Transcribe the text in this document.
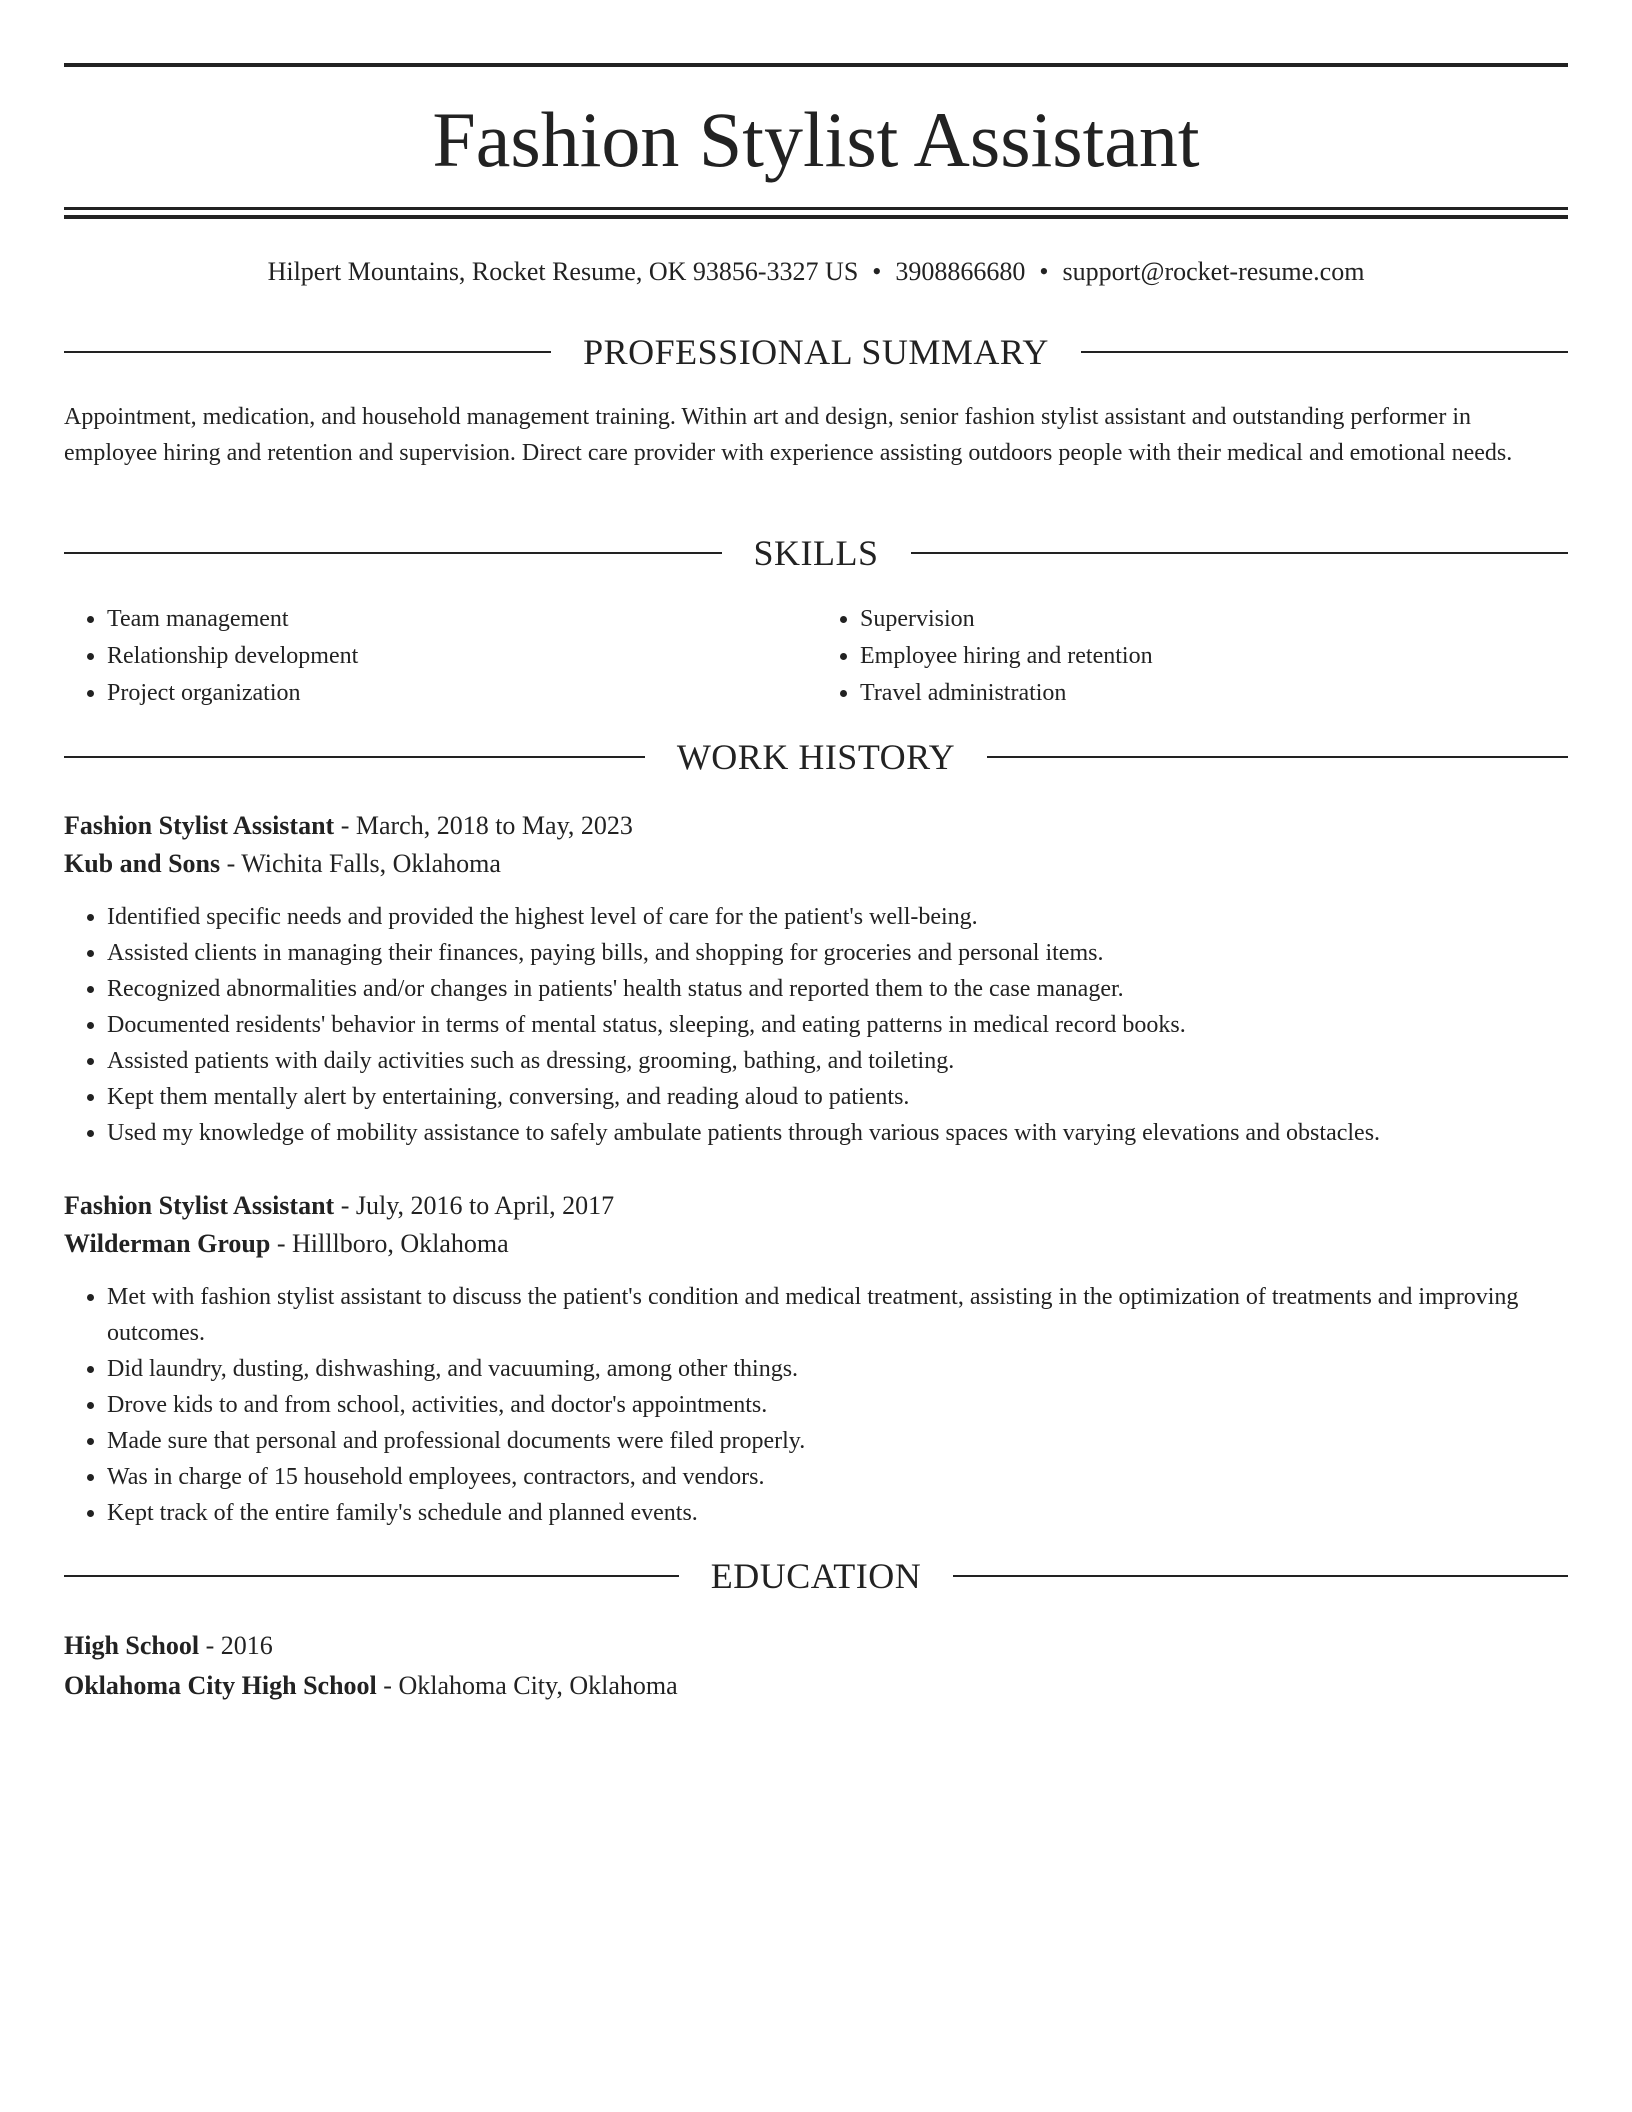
Fashion Stylist Assistant
Hilpert Mountains, Rocket Resume, OK 93856-3327 US • 3908866680 • support@rocket-resume.com
PROFESSIONAL SUMMARY
Appointment, medication, and household management training. Within art and design, senior fashion stylist assistant and outstanding performer in employee hiring and retention and supervision. Direct care provider with experience assisting outdoors people with their medical and emotional needs.
SKILLS
• Team management
• Relationship development
• Project organization
• Supervision
• Employee hiring and retention
• Travel administration
WORK HISTORY
Fashion Stylist Assistant - March, 2018 to May, 2023
Kub and Sons - Wichita Falls, Oklahoma
• Identified specific needs and provided the highest level of care for the patient's well-being.
• Assisted clients in managing their finances, paying bills, and shopping for groceries and personal items.
• Recognized abnormalities and/or changes in patients' health status and reported them to the case manager.
• Documented residents' behavior in terms of mental status, sleeping, and eating patterns in medical record books.
• Assisted patients with daily activities such as dressing, grooming, bathing, and toileting.
• Kept them mentally alert by entertaining, conversing, and reading aloud to patients.
• Used my knowledge of mobility assistance to safely ambulate patients through various spaces with varying elevations and obstacles.
Fashion Stylist Assistant - July, 2016 to April, 2017
Wilderman Group - Hilllboro, Oklahoma
• Met with fashion stylist assistant to discuss the patient's condition and medical treatment, assisting in the optimization of treatments and improving outcomes.
• Did laundry, dusting, dishwashing, and vacuuming, among other things.
• Drove kids to and from school, activities, and doctor's appointments.
• Made sure that personal and professional documents were filed properly.
• Was in charge of 15 household employees, contractors, and vendors.
• Kept track of the entire family's schedule and planned events.
EDUCATION
High School - 2016
Oklahoma City High School - Oklahoma City, Oklahoma
